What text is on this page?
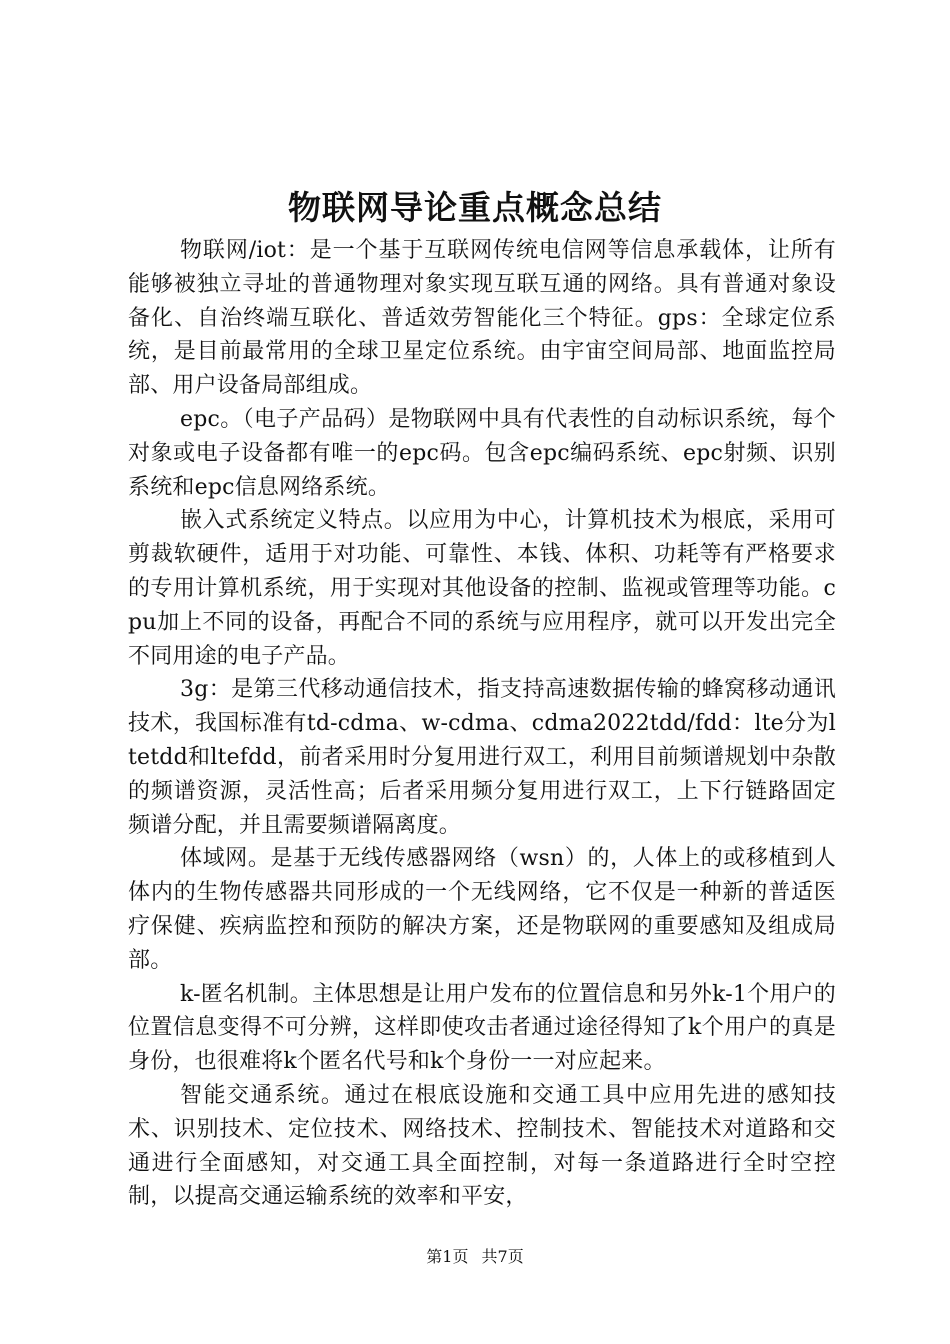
物联网导论重点概念总结

物联网/iot：是一个基于互联网传统电信网等信息承载体，让所有能够被独立寻址的普通物理对象实现互联互通的网络。具有普通对象设备化、自治终端互联化、普适效劳智能化三个特征。gps：全球定位系统，是目前最常用的全球卫星定位系统。由宇宙空间局部、地面监控局部、用户设备局部组成。

epc。（电子产品码）是物联网中具有代表性的自动标识系统，每个对象或电子设备都有唯一的epc码。包含epc编码系统、epc射频、识别系统和epc信息网络系统。

嵌入式系统定义特点。以应用为中心，计算机技术为根底，采用可剪裁软硬件，适用于对功能、可靠性、本钱、体积、功耗等有严格要求的专用计算机系统，用于实现对其他设备的控制、监视或管理等功能。cpu加上不同的设备，再配合不同的系统与应用程序，就可以开发出完全不同用途的电子产品。

3g：是第三代移动通信技术，指支持高速数据传输的蜂窝移动通讯技术，我国标准有td-cdma、w-cdma、cdma2022tdd/fdd：lte分为ltetdd和ltefdd，前者采用时分复用进行双工，利用目前频谱规划中杂散的频谱资源，灵活性高；后者采用频分复用进行双工，上下行链路固定频谱分配，并且需要频谱隔离度。

体域网。是基于无线传感器网络（wsn）的，人体上的或移植到人体内的生物传感器共同形成的一个无线网络，它不仅是一种新的普适医疗保健、疾病监控和预防的解决方案，还是物联网的重要感知及组成局部。

k-匿名机制。主体思想是让用户发布的位置信息和另外k-1个用户的位置信息变得不可分辨，这样即使攻击者通过途径得知了k个用户的真是身份，也很难将k个匿名代号和k个身份一一对应起来。

智能交通系统。通过在根底设施和交通工具中应用先进的感知技术、识别技术、定位技术、网络技术、控制技术、智能技术对道路和交通进行全面感知，对交通工具全面控制，对每一条道路进行全时空控制，以提高交通运输系统的效率和平安，

第1页 共7页
